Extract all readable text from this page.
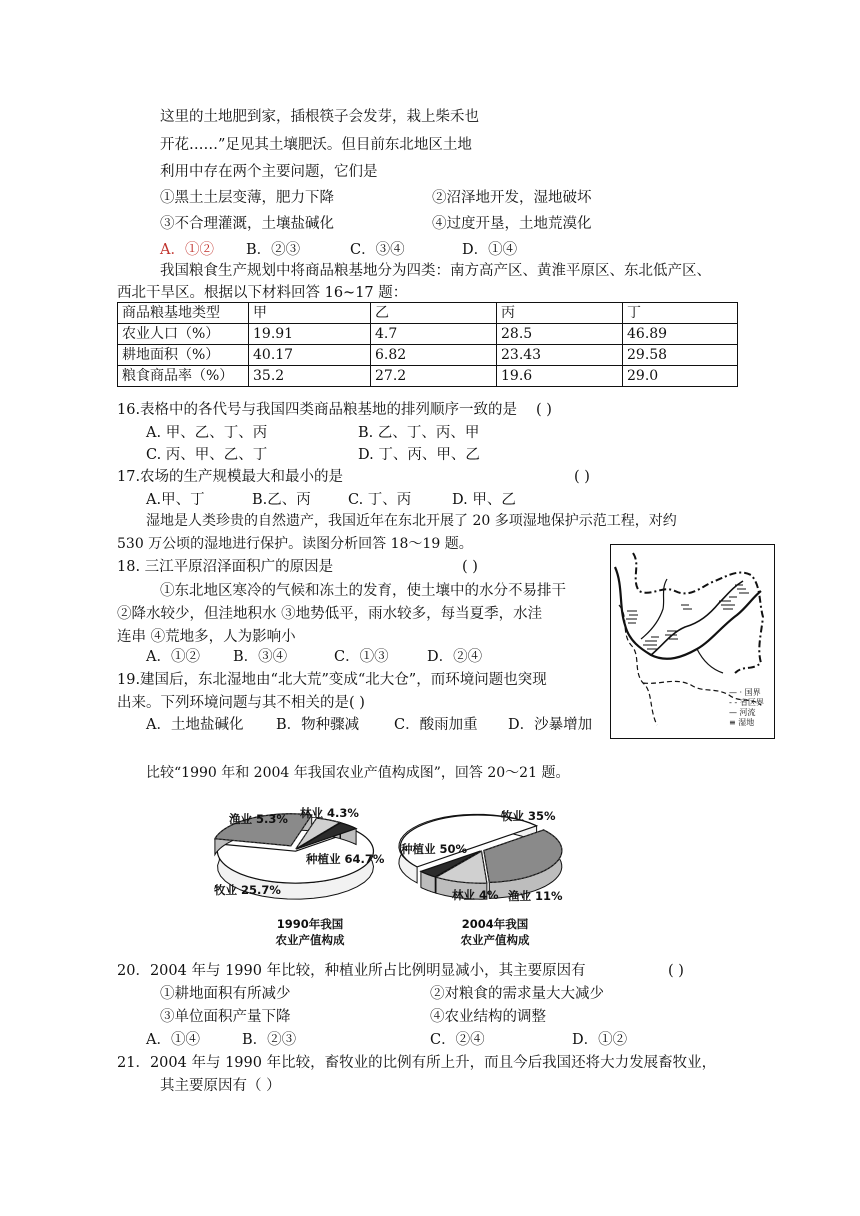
这里的土地肥到家，插根筷子会发芽，栽上柴禾也
开花……”足见其土壤肥沃。但目前东北地区土地
利用中存在两个主要问题，它们是
①黑土土层变薄，肥力下降	②沼泽地开发，湿地破坏
③不合理灌溉，土壤盐碱化	④过度开垦，土地荒漠化
A．①② B．②③	C．③④	D．①④
我国粮食生产规划中将商品粮基地分为四类：南方高产区、黄淮平原区、东北低产区、
西北干旱区。根据以下材料回答 16~17 题：
商品粮基地类型	甲	乙	丙	丁
农业人口（%）	19.91	4.7	28.5	46.89
耕地面积（%）	40.17	6.82	23.43	29.58
粮食商品率（%）	35.2	27.2	19.6	29.0
16.表格中的各代号与我国四类商品粮基地的排列顺序一致的是 ( )
A. 甲、乙、丁、丙	B. 乙、丁、丙、甲
C. 丙、甲、乙、丁	D. 丁、丙、甲、乙
17.农场的生产规模最大和最小的是	( )
A.甲、丁	B.乙、丙	C. 丁、丙	D. 甲、乙
湿地是人类珍贵的自然遗产，我国近年在东北开展了 20 多项湿地保护示范工程，对约
530 万公顷的湿地进行保护。读图分析回答 18～19 题。
18. 三江平原沼泽面积广的原因是	( )
①东北地区寒冷的气候和冻土的发育，使土壤中的水分不易排干
②降水较少，但洼地积水 ③地势低平，雨水较多，每当夏季，水洼
连串 ④荒地多，人为影响小
A．①② B．③④	C．①③	D．②④
19.建国后，东北湿地由“北大荒”变成“北大仓”，而环境问题也突现
出来。下列环境问题与其不相关的是( )
A．土地盐碱化 B．物种骤减 C．酸雨加重 D．沙暴增加
— · 国界
- - 省区界
— 河流
≡ 湿地
比较“1990 年和 2004 年我国农业产值构成图”，回答 20～21 题。
渔业 5.3% 林业 4.3%
种植业 64.7%
牧业 25.7%
牧业 35%
种植业 50%
林业 4% 渔业 11%
1990年我国
农业产值构成
2004年我国
农业产值构成
20．2004 年与 1990 年比较，种植业所占比例明显减小，其主要原因有	( )
①耕地面积有所减少	②对粮食的需求量大大减少
③单位面积产量下降	④农业结构的调整
A．①④	B．②③	C．②④	D．①②
21．2004 年与 1990 年比较，畜牧业的比例有所上升，而且今后我国还将大力发展畜牧业，
其主要原因有（ ）
